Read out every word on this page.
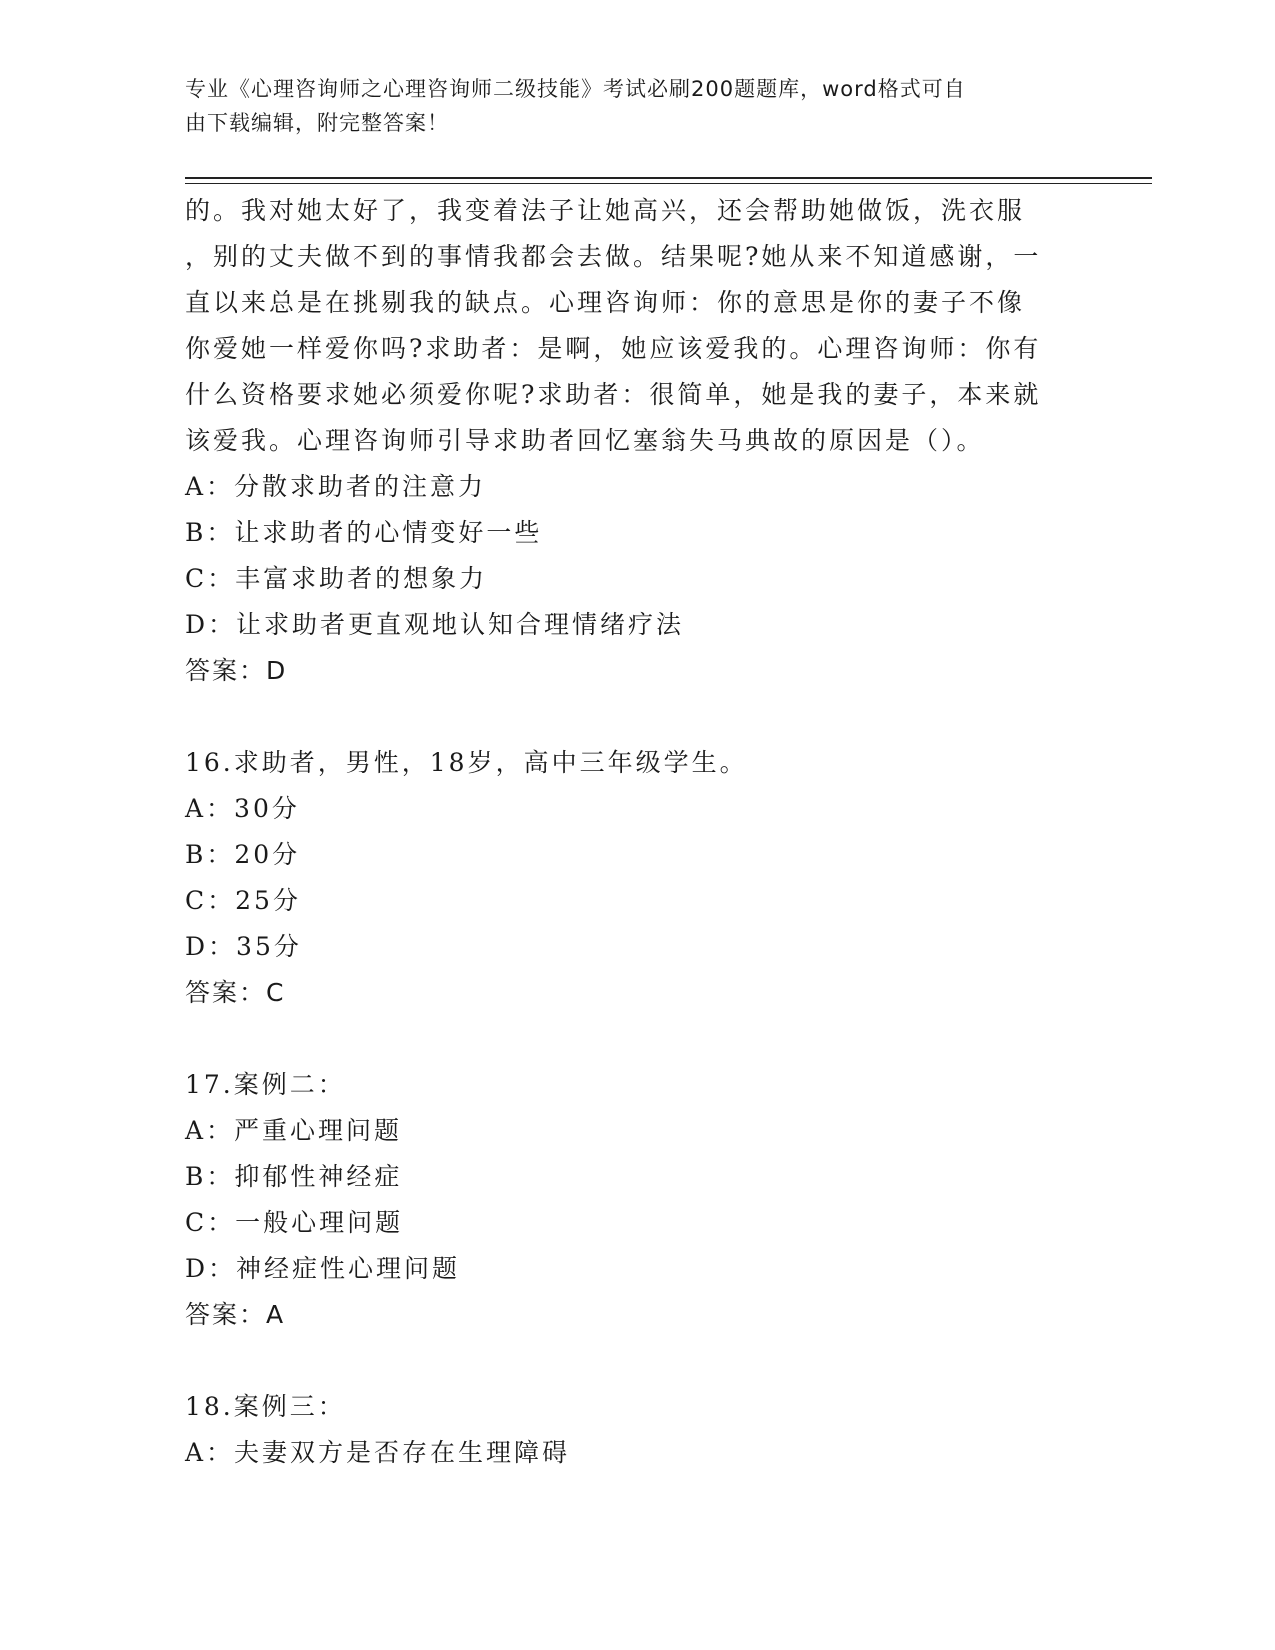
专业《心理咨询师之心理咨询师二级技能》考试必刷200题题库，word格式可自
由下载编辑，附完整答案！
的。我对她太好了，我变着法子让她高兴，还会帮助她做饭，洗衣服
，别的丈夫做不到的事情我都会去做。结果呢?她从来不知道感谢，一
直以来总是在挑剔我的缺点。心理咨询师：你的意思是你的妻子不像
你爱她一样爱你吗?求助者：是啊，她应该爱我的。心理咨询师：你有
什么资格要求她必须爱你呢?求助者：很简单，她是我的妻子，本来就
该爱我。心理咨询师引导求助者回忆塞翁失马典故的原因是（）。
A：分散求助者的注意力
B：让求助者的心情变好一些
C：丰富求助者的想象力
D：让求助者更直观地认知合理情绪疗法
答案：D
16.求助者，男性，18岁，高中三年级学生。
A：30分
B：20分
C：25分
D：35分
答案：C
17.案例二：
A：严重心理问题
B：抑郁性神经症
C：一般心理问题
D：神经症性心理问题
答案：A
18.案例三：
A：夫妻双方是否存在生理障碍
